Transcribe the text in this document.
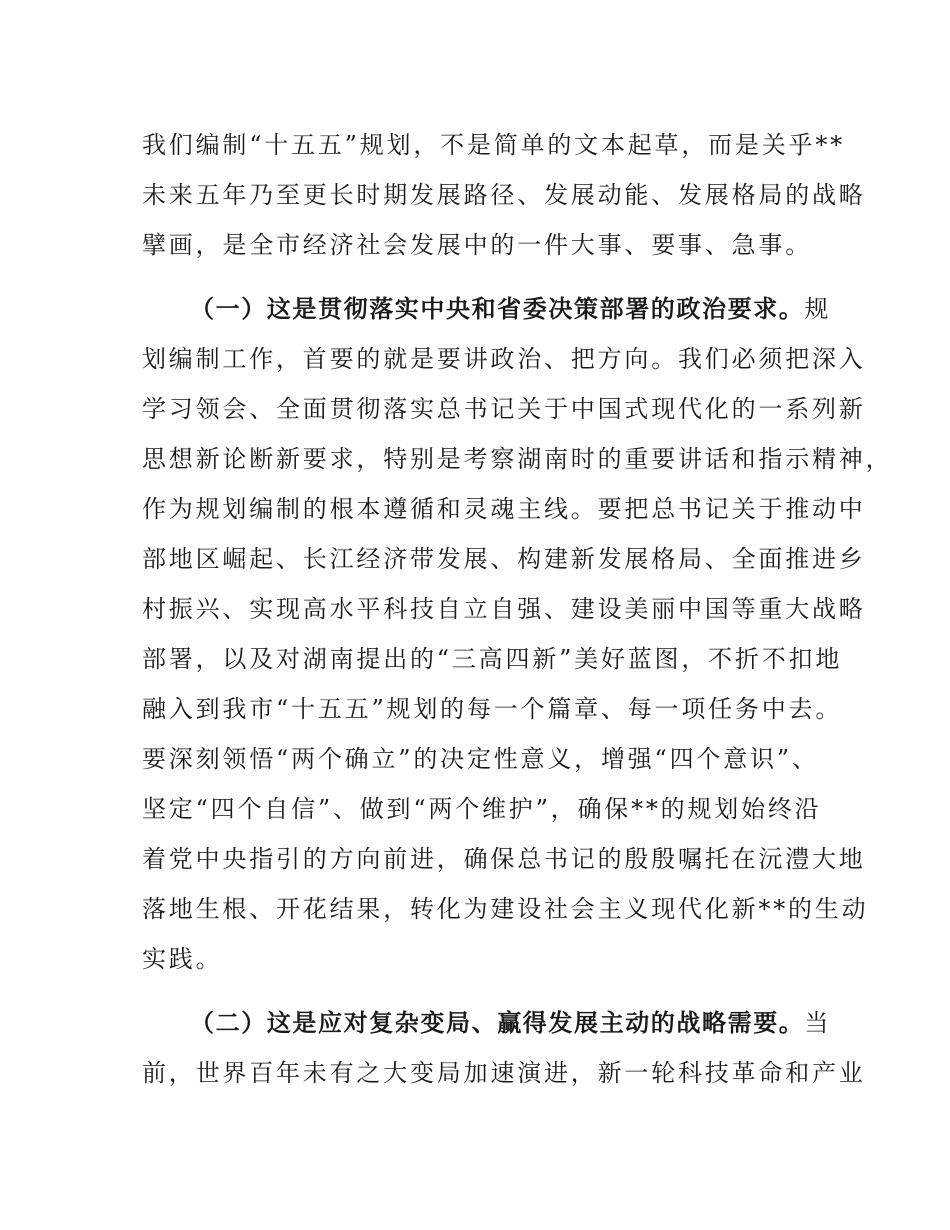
我们编制“十五五”规划，不是简单的文本起草，而是关乎**
未来五年乃至更长时期发展路径、发展动能、发展格局的战略
擘画，是全市经济社会发展中的一件大事、要事、急事。
（一）这是贯彻落实中央和省委决策部署的政治要求。规
划编制工作，首要的就是要讲政治、把方向。我们必须把深入
学习领会、全面贯彻落实总书记关于中国式现代化的一系列新
思想新论断新要求，特别是考察湖南时的重要讲话和指示精神，
作为规划编制的根本遵循和灵魂主线。要把总书记关于推动中
部地区崛起、长江经济带发展、构建新发展格局、全面推进乡
村振兴、实现高水平科技自立自强、建设美丽中国等重大战略
部署，以及对湖南提出的“三高四新”美好蓝图，不折不扣地
融入到我市“十五五”规划的每一个篇章、每一项任务中去。
要深刻领悟“两个确立”的决定性意义，增强“四个意识”、
坚定“四个自信”、做到“两个维护”，确保**的规划始终沿
着党中央指引的方向前进，确保总书记的殷殷嘱托在沅澧大地
落地生根、开花结果，转化为建设社会主义现代化新**的生动
实践。
（二）这是应对复杂变局、赢得发展主动的战略需要。当
前，世界百年未有之大变局加速演进，新一轮科技革命和产业
